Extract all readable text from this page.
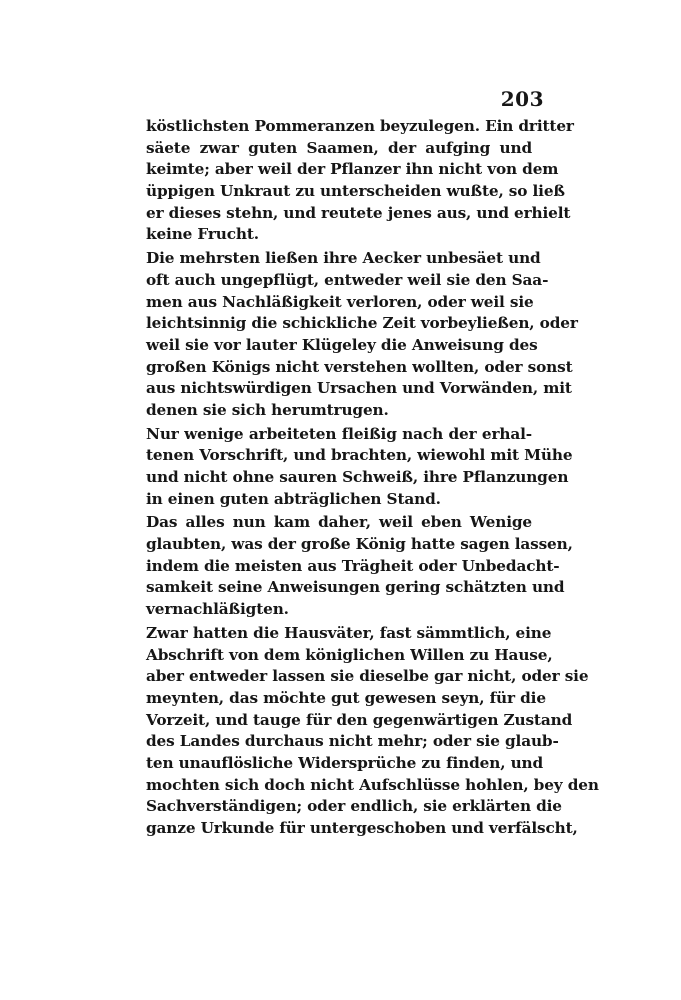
203
köstlichsten Pommeranzen beyzulegen. Ein dritter
säete zwar guten Saamen, der aufging und
keimte; aber weil der Pflanzer ihn nicht von dem
üppigen Unkraut zu unterscheiden wußte, so ließ
er dieses stehn, und reutete jenes aus, und erhielt
keine Frucht.
Die mehrsten ließen ihre Aecker unbesäet und
oft auch ungepflügt, entweder weil sie den Saa-
men aus Nachläßigkeit verloren, oder weil sie
leichtsinnig die schickliche Zeit vorbeyließen, oder
weil sie vor lauter Klügeley die Anweisung des
großen Königs nicht verstehen wollten, oder sonst
aus nichtswürdigen Ursachen und Vorwänden, mit
denen sie sich herumtrugen.
Nur wenige arbeiteten fleißig nach der erhal-
tenen Vorschrift, und brachten, wiewohl mit Mühe
und nicht ohne sauren Schweiß, ihre Pflanzungen
in einen guten abträglichen Stand.
Das alles nun kam daher, weil eben Wenige
glaubten, was der große König hatte sagen lassen,
indem die meisten aus Trägheit oder Unbedacht-
samkeit seine Anweisungen gering schätzten und
vernachläßigten.
Zwar hatten die Hausväter, fast sämmtlich, eine
Abschrift von dem königlichen Willen zu Hause,
aber entweder lassen sie dieselbe gar nicht, oder sie
meynten, das möchte gut gewesen seyn, für die
Vorzeit, und tauge für den gegenwärtigen Zustand
des Landes durchaus nicht mehr; oder sie glaub-
ten unauflösliche Widersprüche zu finden, und
mochten sich doch nicht Aufschlüsse hohlen, bey den
Sachverständigen; oder endlich, sie erklärten die
ganze Urkunde für untergeschoben und verfälscht,
